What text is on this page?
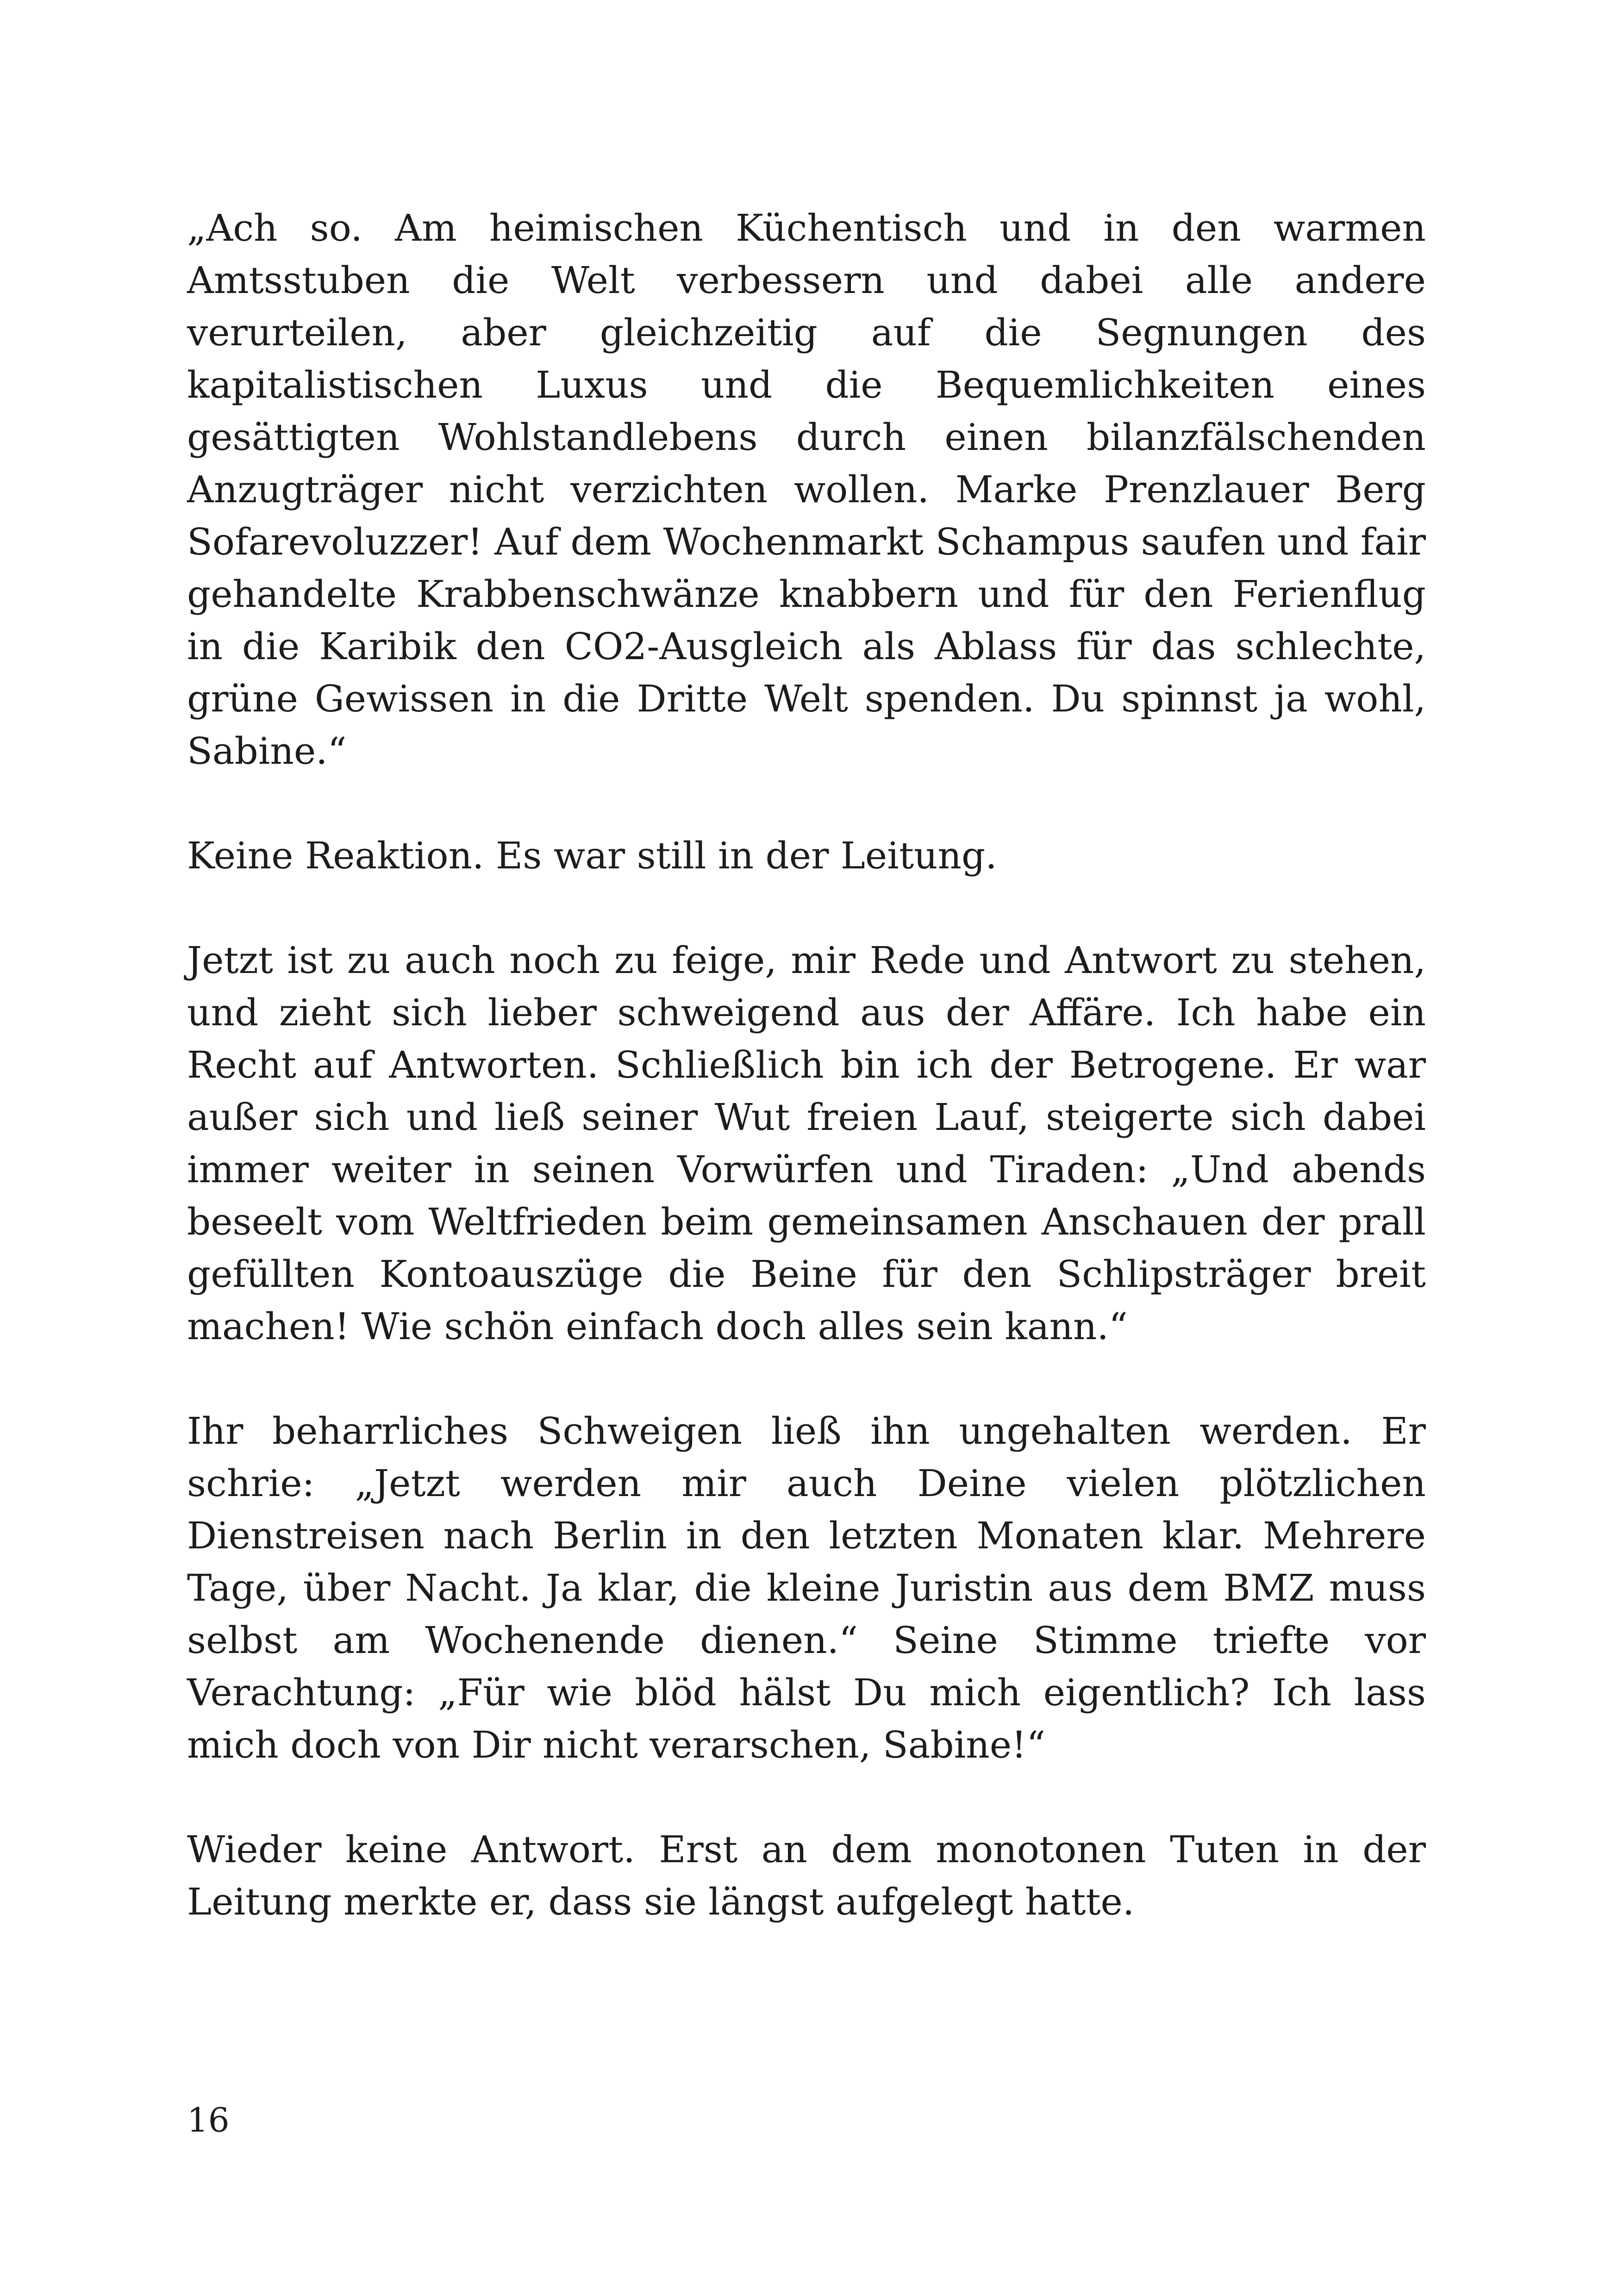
„Ach so. Am heimischen Küchentisch und in den warmen Amtsstuben die Welt verbessern und dabei alle andere verurteilen, aber gleichzeitig auf die Segnungen des kapitalistischen Luxus und die Bequemlichkeiten eines gesättigten Wohlstandlebens durch einen bilanzfälschenden Anzugträger nicht verzichten wollen. Marke Prenzlauer Berg Sofarevoluzzer! Auf dem Wochenmarkt Schampus saufen und fair gehandelte Krabbenschwänze knabbern und für den Ferienflug in die Karibik den CO2-Ausgleich als Ablass für das schlechte, grüne Gewissen in die Dritte Welt spenden. Du spinnst ja wohl, Sabine.“

Keine Reaktion. Es war still in der Leitung.

Jetzt ist zu auch noch zu feige, mir Rede und Antwort zu stehen, und zieht sich lieber schweigend aus der Affäre. Ich habe ein Recht auf Antworten. Schließlich bin ich der Betrogene. Er war außer sich und ließ seiner Wut freien Lauf, steigerte sich dabei immer weiter in seinen Vorwürfen und Tiraden: „Und abends beseelt vom Weltfrieden beim gemeinsamen Anschauen der prall gefüllten Kontoauszüge die Beine für den Schlipsträger breit machen! Wie schön einfach doch alles sein kann.“

Ihr beharrliches Schweigen ließ ihn ungehalten werden. Er schrie: „Jetzt werden mir auch Deine vielen plötzlichen Dienstreisen nach Berlin in den letzten Monaten klar. Mehrere Tage, über Nacht. Ja klar, die kleine Juristin aus dem BMZ muss selbst am Wochenende dienen.“ Seine Stimme triefte vor Verachtung: „Für wie blöd hälst Du mich eigentlich? Ich lass mich doch von Dir nicht verarschen, Sabine!“

Wieder keine Antwort. Erst an dem monotonen Tuten in der Leitung merkte er, dass sie längst aufgelegt hatte.

16
